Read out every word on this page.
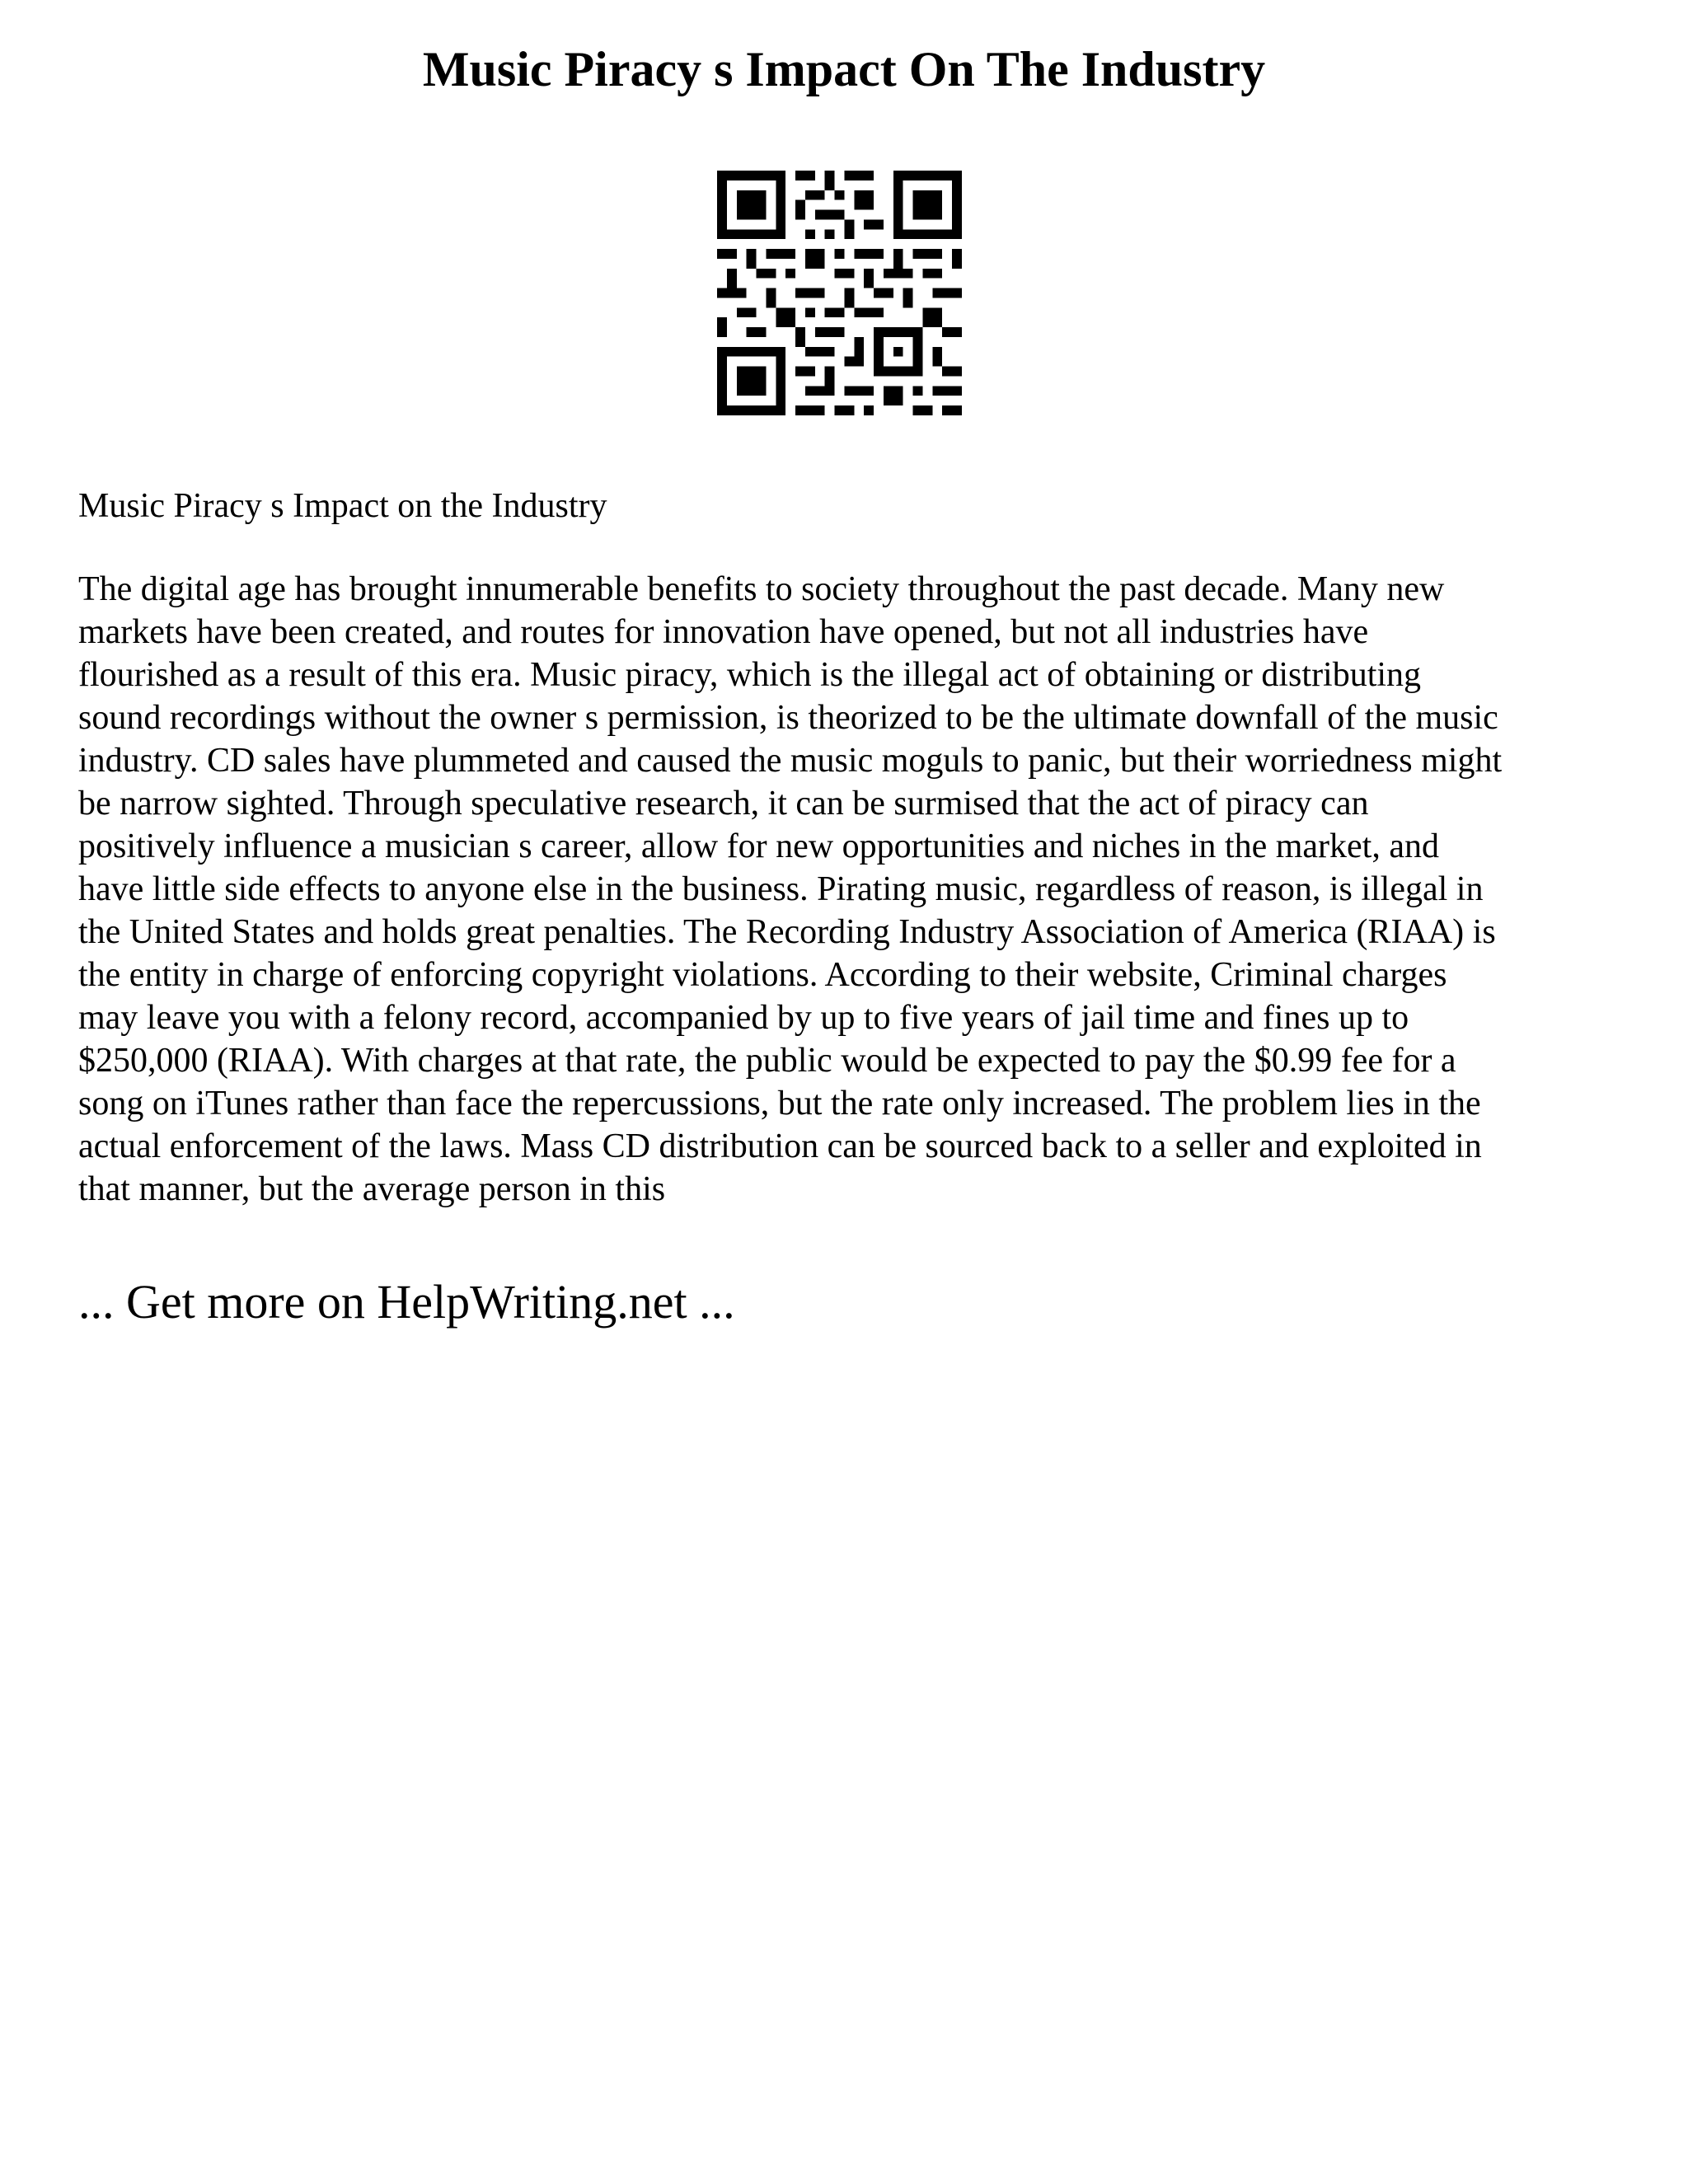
Music Piracy s Impact On The Industry

Music Piracy s Impact on the Industry

The digital age has brought innumerable benefits to society throughout the past decade. Many new
markets have been created, and routes for innovation have opened, but not all industries have
flourished as a result of this era. Music piracy, which is the illegal act of obtaining or distributing
sound recordings without the owner s permission, is theorized to be the ultimate downfall of the music
industry. CD sales have plummeted and caused the music moguls to panic, but their worriedness might
be narrow sighted. Through speculative research, it can be surmised that the act of piracy can
positively influence a musician s career, allow for new opportunities and niches in the market, and
have little side effects to anyone else in the business. Pirating music, regardless of reason, is illegal in
the United States and holds great penalties. The Recording Industry Association of America (RIAA) is
the entity in charge of enforcing copyright violations. According to their website, Criminal charges
may leave you with a felony record, accompanied by up to five years of jail time and fines up to
$250,000 (RIAA). With charges at that rate, the public would be expected to pay the $0.99 fee for a
song on iTunes rather than face the repercussions, but the rate only increased. The problem lies in the
actual enforcement of the laws. Mass CD distribution can be sourced back to a seller and exploited in
that manner, but the average person in this
... Get more on HelpWriting.net ...
